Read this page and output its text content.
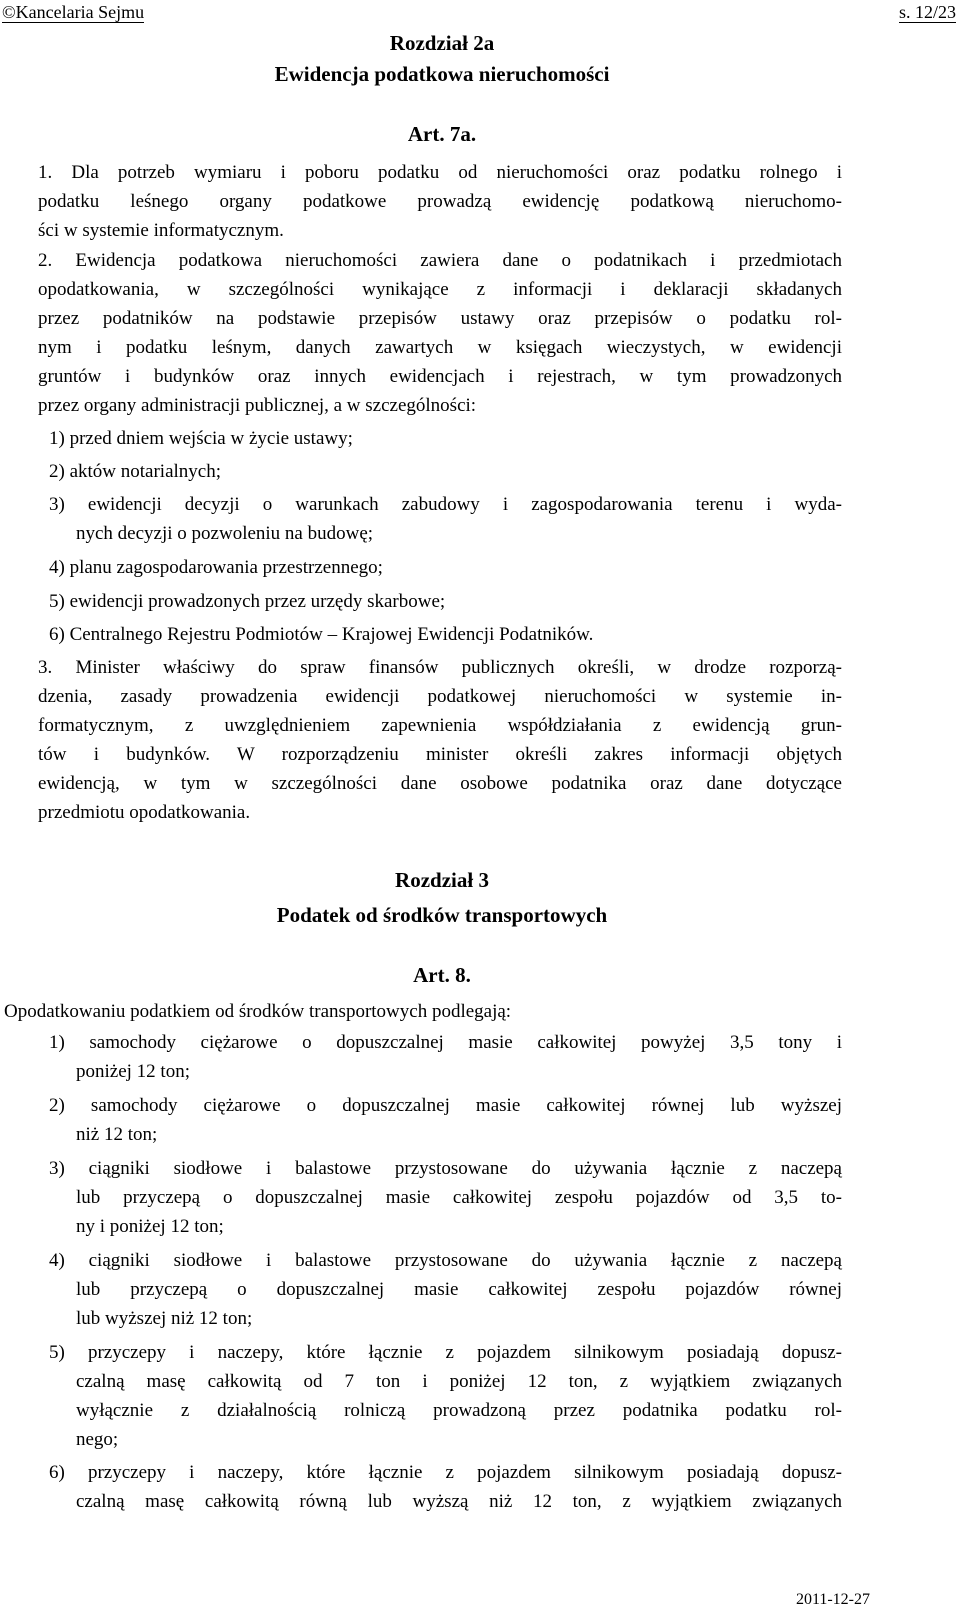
©Kancelaria Sejmu	s. 12/23

Rozdział 2a

Ewidencja podatkowa nieruchomości

Art. 7a.

1. Dla potrzeb wymiaru i poboru podatku od nieruchomości oraz podatku rolnego i
podatku leśnego organy podatkowe prowadzą ewidencję podatkową nieruchomo-
ści w systemie informatycznym.
2. Ewidencja podatkowa nieruchomości zawiera dane o podatnikach i przedmiotach
opodatkowania, w szczególności wynikające z informacji i deklaracji składanych
przez podatników na podstawie przepisów ustawy oraz przepisów o podatku rol-
nym i podatku leśnym, danych zawartych w księgach wieczystych, w ewidencji
gruntów i budynków oraz innych ewidencjach i rejestrach, w tym prowadzonych
przez organy administracji publicznej, a w szczególności:
1) przed dniem wejścia w życie ustawy;
2) aktów notarialnych;
3) ewidencji decyzji o warunkach zabudowy i zagospodarowania terenu i wyda-
nych decyzji o pozwoleniu na budowę;
4) planu zagospodarowania przestrzennego;
5) ewidencji prowadzonych przez urzędy skarbowe;
6) Centralnego Rejestru Podmiotów – Krajowej Ewidencji Podatników.
3. Minister właściwy do spraw finansów publicznych określi, w drodze rozporzą-
dzenia, zasady prowadzenia ewidencji podatkowej nieruchomości w systemie in-
formatycznym, z uwzględnieniem zapewnienia współdziałania z ewidencją grun-
tów i budynków. W rozporządzeniu minister określi zakres informacji objętych
ewidencją, w tym w szczególności dane osobowe podatnika oraz dane dotyczące
przedmiotu opodatkowania.

Rozdział 3

Podatek od środków transportowych

Art. 8.

Opodatkowaniu podatkiem od środków transportowych podlegają:
1) samochody ciężarowe o dopuszczalnej masie całkowitej powyżej 3,5 tony i
poniżej 12 ton;
2) samochody ciężarowe o dopuszczalnej masie całkowitej równej lub wyższej
niż 12 ton;
3) ciągniki siodłowe i balastowe przystosowane do używania łącznie z naczepą
lub przyczepą o dopuszczalnej masie całkowitej zespołu pojazdów od 3,5 to-
ny i poniżej 12 ton;
4) ciągniki siodłowe i balastowe przystosowane do używania łącznie z naczepą
lub przyczepą o dopuszczalnej masie całkowitej zespołu pojazdów równej
lub wyższej niż 12 ton;
5) przyczepy i naczepy, które łącznie z pojazdem silnikowym posiadają dopusz-
czalną masę całkowitą od 7 ton i poniżej 12 ton, z wyjątkiem związanych
wyłącznie z działalnością rolniczą prowadzoną przez podatnika podatku rol-
nego;
6) przyczepy i naczepy, które łącznie z pojazdem silnikowym posiadają dopusz-
czalną masę całkowitą równą lub wyższą niż 12 ton, z wyjątkiem związanych
2011-12-27
